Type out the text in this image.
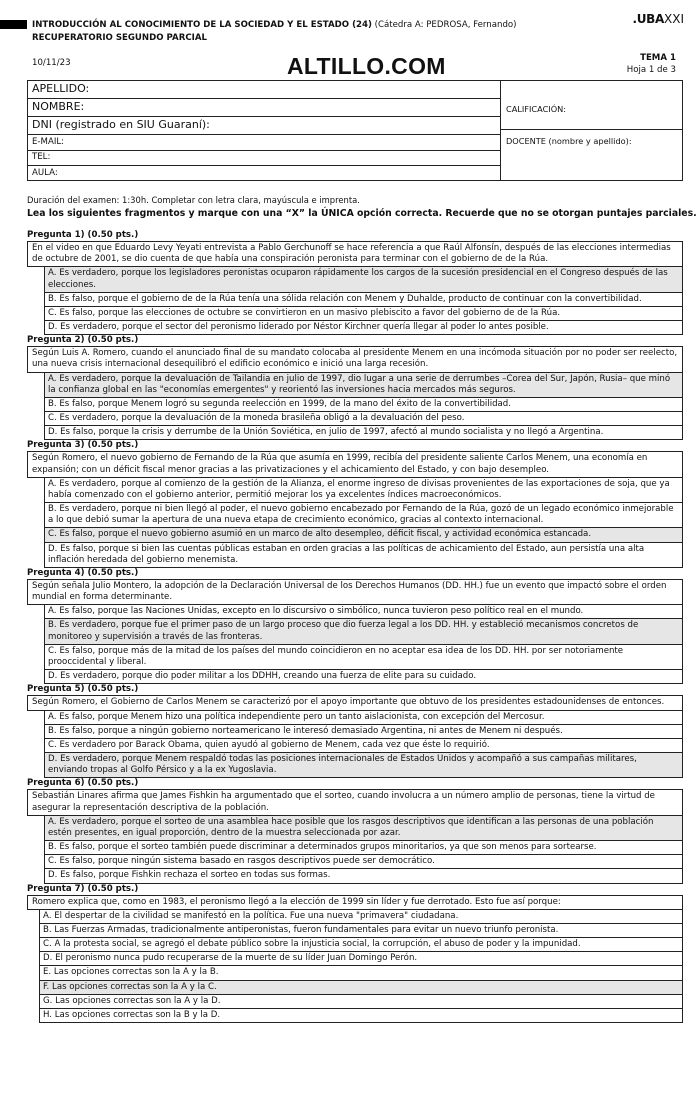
INTRODUCCIÓN AL CONOCIMIENTO DE LA SOCIEDAD Y EL ESTADO (24) (Cátedra A: PEDROSA, Fernando)
RECUPERATORIO SEGUNDO PARCIAL
.UBAXXI
10/11/23	ALTILLO.COM	TEMA 1
Hoja 1 de 3
APELLIDO:
NOMBRE:
DNI (registrado en SIU Guaraní):
E-MAIL:
TEL:
AULA:
CALIFICACIÓN:
DOCENTE (nombre y apellido):
Duración del examen: 1:30h. Completar con letra clara, mayúscula e imprenta.
Lea los siguientes fragmentos y marque con una “X” la ÚNICA opción correcta. Recuerde que no se otorgan puntajes parciales.
Pregunta 1) (0.50 pts.)
En el video en que Eduardo Levy Yeyati entrevista a Pablo Gerchunoff se hace referencia a que Raúl Alfonsín, después de las elecciones intermedias de octubre de 2001, se dio cuenta de que había una conspiración peronista para terminar con el gobierno de de la Rúa.
A. Es verdadero, porque los legisladores peronistas ocuparon rápidamente los cargos de la sucesión presidencial en el Congreso después de las elecciones.
B. Es falso, porque el gobierno de de la Rúa tenía una sólida relación con Menem y Duhalde, producto de continuar con la convertibilidad.
C. Es falso, porque las elecciones de octubre se convirtieron en un masivo plebiscito a favor del gobierno de de la Rúa.
D. Es verdadero, porque el sector del peronismo liderado por Néstor Kirchner quería llegar al poder lo antes posible.
Pregunta 2) (0.50 pts.)
Según Luis A. Romero, cuando el anunciado final de su mandato colocaba al presidente Menem en una incómoda situación por no poder ser reelecto, una nueva crisis internacional desequilibró el edificio económico e inició una larga recesión.
A. Es verdadero, porque la devaluación de Tailandia en julio de 1997, dio lugar a una serie de derrumbes –Corea del Sur, Japón, Rusia– que minó la confianza global en las "economías emergentes" y reorientó las inversiones hacia mercados más seguros.
B. Es falso, porque Menem logró su segunda reelección en 1999, de la mano del éxito de la convertibilidad.
C. Es verdadero, porque la devaluación de la moneda brasileña obligó a la devaluación del peso.
D. Es falso, porque la crisis y derrumbe de la Unión Soviética, en julio de 1997, afectó al mundo socialista y no llegó a Argentina.
Pregunta 3) (0.50 pts.)
Según Romero, el nuevo gobierno de Fernando de la Rúa que asumía en 1999, recibía del presidente saliente Carlos Menem, una economía en expansión; con un déficit fiscal menor gracias a las privatizaciones y el achicamiento del Estado, y con bajo desempleo.
A. Es verdadero, porque al comienzo de la gestión de la Alianza, el enorme ingreso de divisas provenientes de las exportaciones de soja, que ya había comenzado con el gobierno anterior, permitió mejorar los ya excelentes índices macroeconómicos.
B. Es verdadero, porque ni bien llegó al poder, el nuevo gobierno encabezado por Fernando de la Rúa, gozó de un legado económico inmejorable a lo que debió sumar la apertura de una nueva etapa de crecimiento económico, gracias al contexto internacional.
C. Es falso, porque el nuevo gobierno asumió en un marco de alto desempleo, déficit fiscal, y actividad económica estancada.
D. Es falso, porque si bien las cuentas públicas estaban en orden gracias a las políticas de achicamiento del Estado, aun persistía una alta inflación heredada del gobierno menemista.
Pregunta 4) (0.50 pts.)
Según señala Julio Montero, la adopción de la Declaración Universal de los Derechos Humanos (DD. HH.) fue un evento que impactó sobre el orden mundial en forma determinante.
A. Es falso, porque las Naciones Unidas, excepto en lo discursivo o simbólico, nunca tuvieron peso político real en el mundo.
B. Es verdadero, porque fue el primer paso de un largo proceso que dio fuerza legal a los DD. HH. y estableció mecanismos concretos de monitoreo y supervisión a través de las fronteras.
C. Es falso, porque más de la mitad de los países del mundo coincidieron en no aceptar esa idea de los DD. HH. por ser notoriamente prooccidental y liberal.
D. Es verdadero, porque dio poder militar a los DDHH, creando una fuerza de elite para su cuidado.
Pregunta 5) (0.50 pts.)
Según Romero, el Gobierno de Carlos Menem se caracterizó por el apoyo importante que obtuvo de los presidentes estadounidenses de entonces.
A. Es falso, porque Menem hizo una política independiente pero un tanto aislacionista, con excepción del Mercosur.
B. Es falso, porque a ningún gobierno norteamericano le interesó demasiado Argentina, ni antes de Menem ni después.
C. Es verdadero por Barack Obama, quien ayudó al gobierno de Menem, cada vez que éste lo requirió.
D. Es verdadero, porque Menem respaldó todas las posiciones internacionales de Estados Unidos y acompañó a sus campañas militares, enviando tropas al Golfo Pérsico y a la ex Yugoslavia.
Pregunta 6) (0.50 pts.)
Sebastián Linares afirma que James Fishkin ha argumentado que el sorteo, cuando involucra a un número amplio de personas, tiene la virtud de asegurar la representación descriptiva de la población.
A. Es verdadero, porque el sorteo de una asamblea hace posible que los rasgos descriptivos que identifican a las personas de una población estén presentes, en igual proporción, dentro de la muestra seleccionada por azar.
B. Es falso, porque el sorteo también puede discriminar a determinados grupos minoritarios, ya que son menos para sortearse.
C. Es falso, porque ningún sistema basado en rasgos descriptivos puede ser democrático.
D. Es falso, porque Fishkin rechaza el sorteo en todas sus formas.
Pregunta 7) (0.50 pts.)
Romero explica que, como en 1983, el peronismo llegó a la elección de 1999 sin líder y fue derrotado. Esto fue así porque:
A. El despertar de la civilidad se manifestó en la política. Fue una nueva "primavera" ciudadana.
B. Las Fuerzas Armadas, tradicionalmente antiperonistas, fueron fundamentales para evitar un nuevo triunfo peronista.
C. A la protesta social, se agregó el debate público sobre la injusticia social, la corrupción, el abuso de poder y la impunidad.
D. El peronismo nunca pudo recuperarse de la muerte de su líder Juan Domingo Perón.
E. Las opciones correctas son la A y la B.
F. Las opciones correctas son la A y la C.
G. Las opciones correctas son la A y la D.
H. Las opciones correctas son la B y la D.
